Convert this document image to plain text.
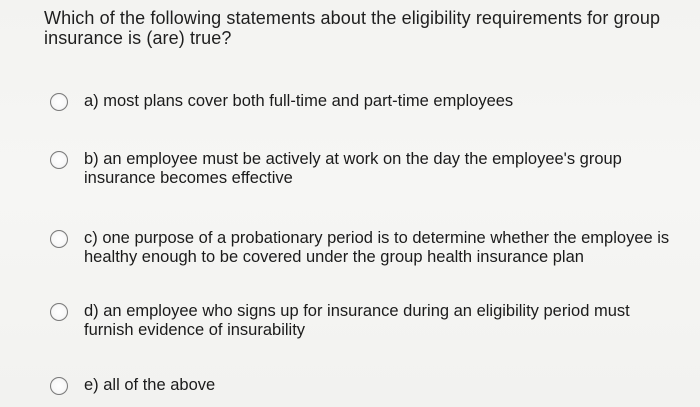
Which of the following statements about the eligibility requirements for group insurance is (are) true?
a) most plans cover both full-time and part-time employees
b) an employee must be actively at work on the day the employee's group insurance becomes effective
c) one purpose of a probationary period is to determine whether the employee is healthy enough to be covered under the group health insurance plan
d) an employee who signs up for insurance during an eligibility period must furnish evidence of insurability
e) all of the above
